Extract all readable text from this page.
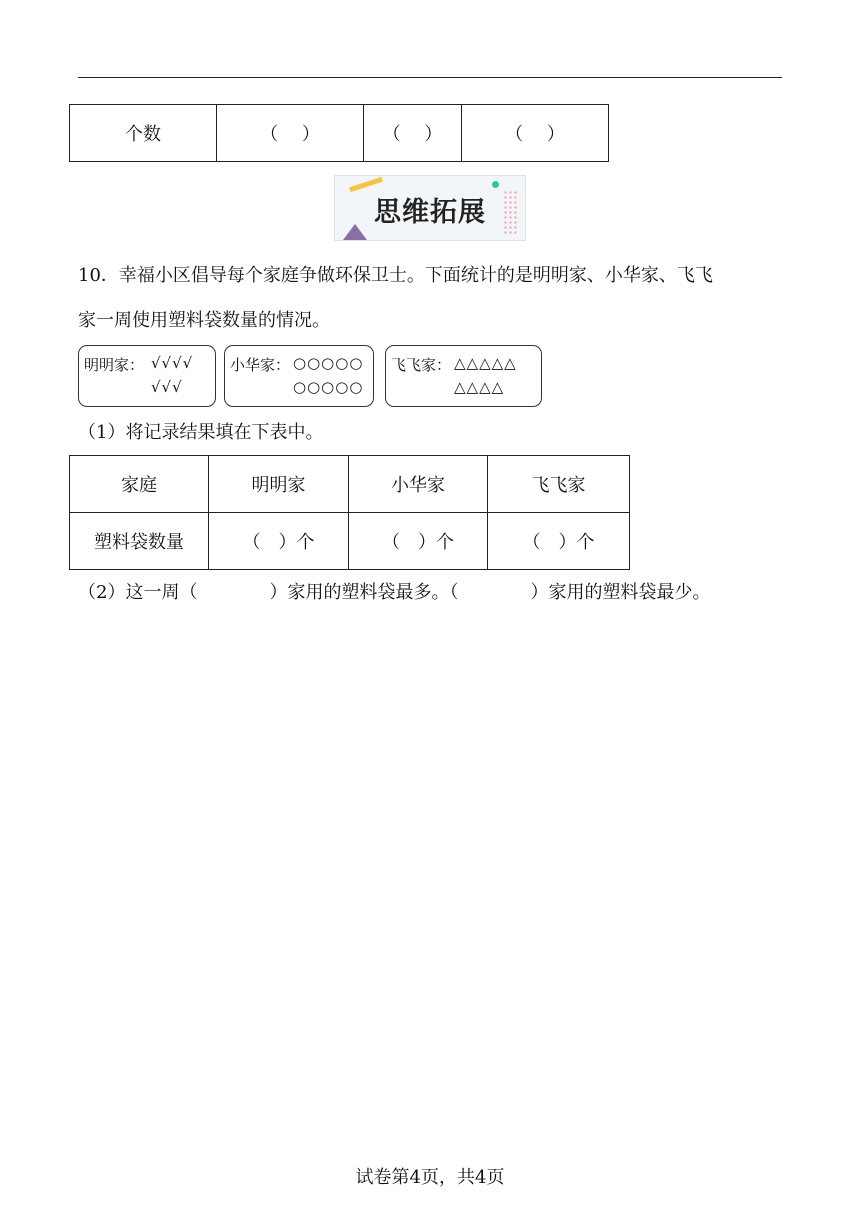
个数	（　 ）	（　 ）	（　 ）
思维拓展
10．幸福小区倡导每个家庭争做环保卫士。下面统计的是明明家、小华家、飞飞
家一周使用塑料袋数量的情况。
明明家： √√√√
√√√
小华家： ○○○○○
○○○○○
飞飞家： △△△△△
△△△△
（1）将记录结果填在下表中。
家庭	明明家	小华家	飞飞家
塑料袋数量	（　）个	（　）个	（　）个
（2）这一周（　　　　）家用的塑料袋最多。（　　　　）家用的塑料袋最少。
试卷第4页，共4页
